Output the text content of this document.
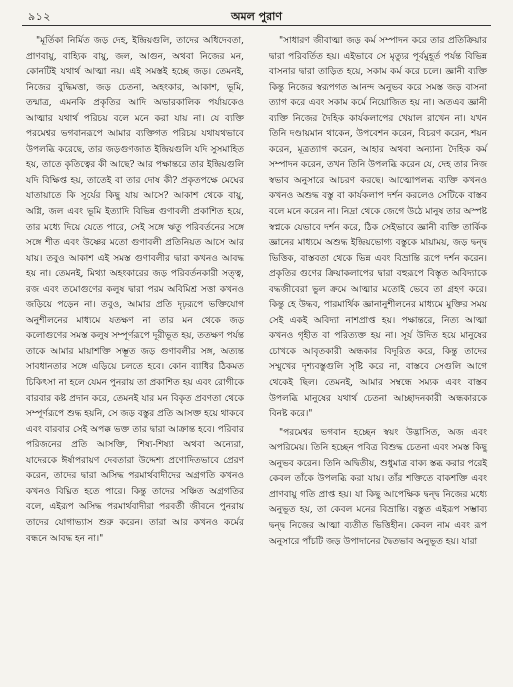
৯১২	অমল পুরাণ

"মূর্তিকা নির্মিত জড় দেহ, ইন্দ্রিয়গুলি, তাদের অধিদেবতা, প্রাণবায়ু, বাহ্যিক বায়ু, জল, আগুন, অথবা নিজের মন, কোনটিই যথার্থ আত্মা নয়। এই সমস্তই হচ্ছে জড়। তেমনই, নিজের বুদ্ধিমত্তা, জড় চেতনা, অহংকার, আকাশ, ভূমি, তন্মাত্র, এমনকি প্রকৃতির আদি অভারকালিক পর্যায়কেও আত্মার যথার্থ পরিচয় বলে মনে করা যায় না। যে ব্যক্তি পরমেশ্বর ভগবানরূপে আমার ব্যক্তিগত পরিচয় যথাযথভাবে উপলব্ধি করেছে, তার জড়গুণজাত ইন্দ্রিয়গুলি যদি সুসমাহিত হয়, তাতে কৃতিত্বের কী আছে? আর পক্ষান্তরে তার ইন্দ্রিয়গুলি যদি বিক্ষিপ্ত হয়, তাতেই বা তার দোষ কী? প্রকৃতপক্ষে মেঘের যাতায়াতে কি সূর্যের কিছু যায় আসে? আকাশ থেকে বায়ু, অগ্নি, জল এবং ভূমি ইত্যাদি বিভিন্ন গুণাবলী প্রকাশিত হয়ে, তার মধ্যে দিয়ে যেতে পারে, সেই সঙ্গে ঋতু পরিবর্তনের সঙ্গে সঙ্গে শীত এবং উষ্ণের মতো গুণাবলী প্রতিনিয়ত আসে আর যায়। তবুও আকাশ এই সমস্ত গুণাবলীর দ্বারা কখনও আবদ্ধ হয় না। তেমনই, মিথ্যা অহংকারের জড় পরিবর্তনকারী সত্ত্ব, রজ এবং তমোগুণের কলুষ দ্বারা পরম অবিমিশ্র সত্তা কখনও জড়িয়ে পড়েন না। তবুও, আমার প্রতি দৃঢ়রূপে ভক্তিযোগ অনুশীলনের মাধ্যমে যতক্ষণ না তার মন থেকে জড় কলোগুণের সমস্ত কলুষ সম্পূর্ণরূপে দূরীভূত হয়, ততক্ষণ পর্যন্ত তাকে আমার মায়াশক্তি সম্ভূত জড় গুণাবলীর সঙ্গ, অত্যন্ত সাবধানতার সঙ্গে এড়িয়ে চলতে হবে। কোন ব্যাধির ঠিকমত চিকিৎসা না হলে যেমন পুনরায় তা প্রকাশিত হয় এবং রোগীকে বারবার কষ্ট প্রদান করে, তেমনই যার মন বিকৃত প্রবণতা থেকে সম্পূর্ণরূপে শুদ্ধ হয়নি, সে জড় বস্তুর প্রতি আসক্ত হয়ে থাকবে এবং বারবার সেই অপক্ক ভক্ত তার দ্বারা আক্রান্ত হবে। পরিবার পরিজনের প্রতি আসক্তি, শিষ্য-শিষ্যা অথবা অন্যেরা, যাদেরকে ঈর্ষাপরায়ণ দেবতারা উদ্দেশ্য প্রণোদিতভাবে প্রেরণ করেন, তাদের দ্বারা অসিদ্ধ পরমার্থবাদীদের অগ্রগতি কখনও কখনও বিঘ্নিত হতে পারে। কিন্তু তাদের সঞ্চিত অগ্রগতির বলে, এইরূপ অসিদ্ধ পরমার্থবাদীরা পরবর্তী জীবনে পুনরায় তাদের যোগাভ্যাস শুরু করেন। তারা আর কখনও কর্মের বন্ধনে আবদ্ধ হন না।"

"সাধারণ জীবাত্মা জড় কর্ম সম্পাদন করে তার প্রতিক্রিয়ার দ্বারা পরিবর্তিত হয়। এইভাবে সে মৃত্যুর পূর্বমুহূর্ত পর্যন্ত বিভিন্ন বাসনার দ্বারা তাড়িত হয়ে, সকাম কর্ম করে চলে। জ্ঞানী ব্যক্তি কিন্তু নিজের স্বরূপগত আনন্দ অনুভব করে সমস্ত জড় বাসনা ত্যাগ করে এবং সকাম কর্মে নিয়োজিত হয় না। অতএব জ্ঞানী ব্যক্তি নিজের দৈহিক কার্যকলাপের খেয়াল রাখেন না। যখন তিনি দণ্ডায়মান থাকেন, উপবেশন করেন, বিচরণ করেন, শয়ন করেন, মূত্রত্যাগ করেন, আহার অথবা অন্যান্য দৈহিক কর্ম সম্পাদন করেন, তখন তিনি উপলব্ধি করেন যে, দেহ তার নিজ স্বভাব অনুসারে আচরণ করছে। আত্মোপলব্ধ ব্যক্তি কখনও কখনও অশুদ্ধ বস্তু বা কার্যকলাপ দর্শন করলেও সেটিকে বাস্তব বলে মনে করেন না। নিদ্রা থেকে জেগে উঠে মানুষ তার অস্পষ্ট স্বপ্নকে যেভাবে দর্শন করে, ঠিক সেইভাবে জ্ঞানী ব্যক্তি তার্কিক জ্ঞানের মাধ্যমে অশুদ্ধ ইন্দ্রিয়ভোগ্য বস্তুকে মায়াময়, জড় দ্বন্দ্ব ভিত্তিক, বাস্তবতা থেকে ভিন্ন এবং বিভ্রান্তি রূপে দর্শন করেন। প্রকৃতির গুণের ক্রিয়াকলাপের দ্বারা বহুরূপে বিস্তৃত অবিদ্যাকে বদ্ধজীবেরা ভুল ক্রমে আত্মার মতোই ভেবে তা গ্রহণ করে। কিন্তু হে উদ্ধব, পারমার্থিক জ্ঞানানুশীলনের মাধ্যমে মুক্তির সময় সেই একই অবিদ্যা নাশপ্রাপ্ত হয়। পক্ষান্তরে, নিত্য আত্মা কখনও গৃহীত বা পরিত্যক্ত হয় না। সূর্য উদিত হয়ে মানুষের চোখকে আবৃতকারী অন্ধকার বিদূরিত করে, কিন্তু তাদের সম্মুখের দৃশ্যবস্তুগুলি সৃষ্টি করে না, বাস্তবে সেগুলি আগে থেকেই ছিল। তেমনই, আমার সম্বন্ধে সম্যক এবং বাস্তব উপলব্ধি মানুষের যথার্থ চেতনা আচ্ছাদনকারী অন্ধকারকে বিনষ্ট করে।"

"পরমেশ্বর ভগবান হচ্ছেন স্বয়ং উদ্ভাসিত, অজ এবং অপরিমেয়। তিনি হচ্ছেন পবিত্র বিশুদ্ধ চেতনা এবং সমস্ত কিছু অনুভব করেন। তিনি অদ্বিতীয়, শুধুমাত্র বাক্য স্তব্ধ করার পরেই কেবল তাঁকে উপলব্ধি করা যায়। তাঁর শক্তিতে বাকশক্তি এবং প্রাণবায়ু গতি প্রাপ্ত হয়। যা কিছু আপেক্ষিক দ্বন্দ্ব নিজের মধ্যে অনুভূত হয়, তা কেবল মনের বিভ্রান্তি। বস্তুত এইরূপ সম্ভাব্য দ্বন্দ্ব নিজের আত্মা ব্যতীত ভিত্তিহীন। কেবল নাম এবং রূপ অনুসারে পাঁচটি জড় উপাদানের দ্বৈতভাব অনুভূত হয়। যারা
